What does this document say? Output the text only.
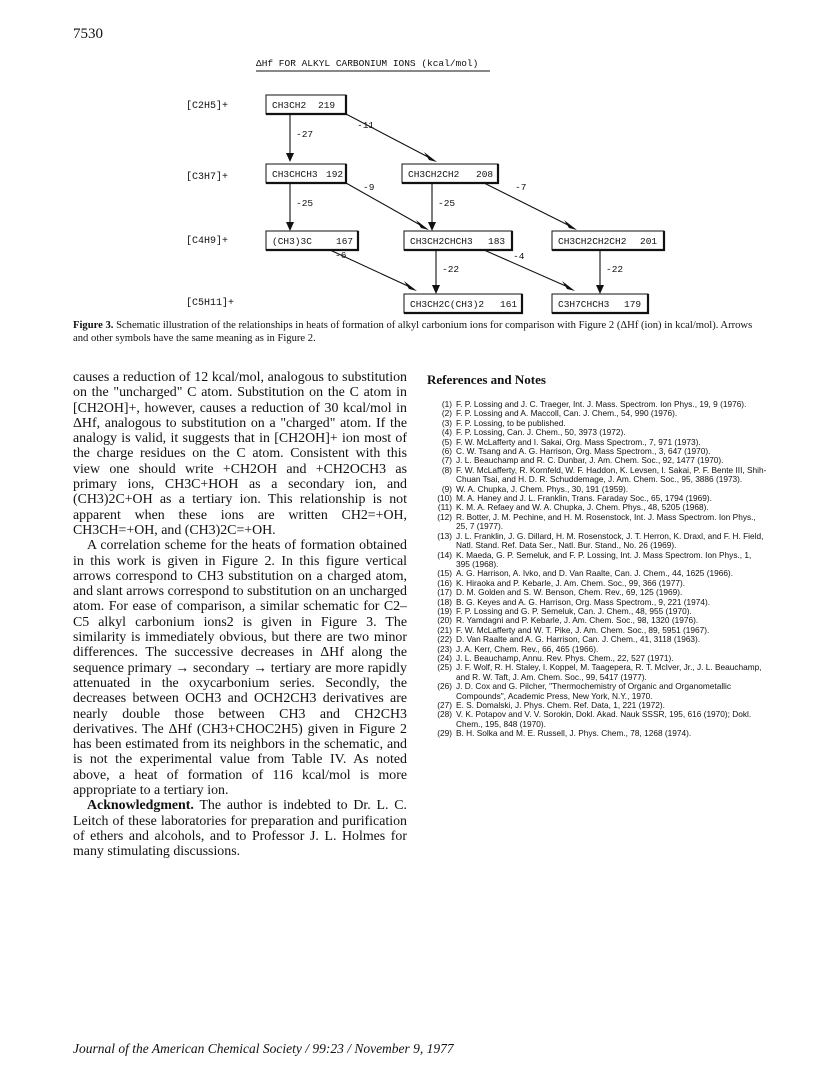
7530
ΔHf FOR ALKYL CARBONIUM IONS (kcal/mol)
[C2H5]+
[C3H7]+
[C4H9]+
[C5H11]+
-27
-11
-9	-7
-25	-25
-6	-4
-22	-22
CH3CH2 219
CH3CHCH3 192	CH3CH2CH2 208
(CH3)3C	167	CH3CH2CHCH3 183	CH3CH2CH2CH2 201
CH3CH2C(CH3)2 161	C3H7CHCH3 179
Figure 3. Schematic illustration of the relationships in heats of formation of alkyl carbonium ions for comparison with Figure 2 (ΔHf (ion) in kcal/mol). Arrows and other symbols have the same meaning as in Figure 2.

causes a reduction of 12 kcal/mol, analogous to substitution on the "uncharged" C atom. Substitution on the C atom in [CH2OH]+, however, causes a reduction of 30 kcal/mol in ΔHf, analogous to substitution on a "charged" atom. If the analogy is valid, it suggests that in [CH2OH]+ ion most of the charge residues on the C atom. Consistent with this view one should write +CH2OH and +CH2OCH3 as primary ions, CH3C+HOH as a secondary ion, and (CH3)2C+OH as a tertiary ion. This relationship is not apparent when these ions are written CH2=+OH, CH3CH=+OH, and (CH3)2C=+OH.

A correlation scheme for the heats of formation obtained in this work is given in Figure 2. In this figure vertical arrows correspond to CH3 substitution on a charged atom, and slant arrows correspond to substitution on an uncharged atom. For ease of comparison, a similar schematic for C2–C5 alkyl carbonium ions2 is given in Figure 3. The similarity is immediately obvious, but there are two minor differences. The successive decreases in ΔHf along the sequence primary → secondary → tertiary are more rapidly attenuated in the oxycarbonium series. Secondly, the decreases between OCH3 and OCH2CH3 derivatives are nearly double those between CH3 and CH2CH3 derivatives. The ΔHf (CH3+CHOC2H5) given in Figure 2 has been estimated from its neighbors in the schematic, and is not the experimental value from Table IV. As noted above, a heat of formation of 116 kcal/mol is more appropriate to a tertiary ion.

Acknowledgment. The author is indebted to Dr. L. C. Leitch of these laboratories for preparation and purification of ethers and alcohols, and to Professor J. L. Holmes for many stimulating discussions.

References and Notes
(1) F. P. Lossing and J. C. Traeger, Int. J. Mass. Spectrom. Ion Phys., 19, 9 (1976).
(2) F. P. Lossing and A. Maccoll, Can. J. Chem., 54, 990 (1976).
(3) F. P. Lossing, to be published.
(4) F. P. Lossing, Can. J. Chem., 50, 3973 (1972).
(5) F. W. McLafferty and I. Sakai, Org. Mass Spectrom., 7, 971 (1973).
(6) C. W. Tsang and A. G. Harrison, Org. Mass Spectrom., 3, 647 (1970).
(7) J. L. Beauchamp and R. C. Dunbar, J. Am. Chem. Soc., 92, 1477 (1970).
(8) F. W. McLafferty, R. Kornfeld, W. F. Haddon, K. Levsen, I. Sakai, P. F. Bente III, Shih-Chuan Tsai, and H. D. R. Schuddemage, J. Am. Chem. Soc., 95, 3886 (1973).
(9) W. A. Chupka, J. Chem. Phys., 30, 191 (1959).
(10) M. A. Haney and J. L. Franklin, Trans. Faraday Soc., 65, 1794 (1969).
(11) K. M. A. Refaey and W. A. Chupka, J. Chem. Phys., 48, 5205 (1968).
(12) R. Botter, J. M. Pechine, and H. M. Rosenstock, Int. J. Mass Spectrom. Ion Phys., 25, 7 (1977).
(13) J. L. Franklin, J. G. Dillard, H. M. Rosenstock, J. T. Herron, K. Draxl, and F. H. Field, Natl. Stand. Ref. Data Ser., Natl. Bur. Stand., No. 26 (1969).
(14) K. Maeda, G. P. Semeluk, and F. P. Lossing, Int. J. Mass Spectrom. Ion Phys., 1, 395 (1968).
(15) A. G. Harrison, A. Ivko, and D. Van Raalte, Can. J. Chem., 44, 1625 (1966).
(16) K. Hiraoka and P. Kebarle, J. Am. Chem. Soc., 99, 366 (1977).
(17) D. M. Golden and S. W. Benson, Chem. Rev., 69, 125 (1969).
(18) B. G. Keyes and A. G. Harrison, Org. Mass Spectrom., 9, 221 (1974).
(19) F. P. Lossing and G. P. Semeluk, Can. J. Chem., 48, 955 (1970).
(20) R. Yamdagni and P. Kebarle, J. Am. Chem. Soc., 98, 1320 (1976).
(21) F. W. McLafferty and W. T. Pike, J. Am. Chem. Soc., 89, 5951 (1967).
(22) D. Van Raalte and A. G. Harrison, Can. J. Chem., 41, 3118 (1963).
(23) J. A. Kerr, Chem. Rev., 66, 465 (1966).
(24) J. L. Beauchamp, Annu. Rev. Phys. Chem., 22, 527 (1971).
(25) J. F. Wolf, R. H. Staley, I. Koppel, M. Taagepera, R. T. McIver, Jr., J. L. Beauchamp, and R. W. Taft, J. Am. Chem. Soc., 99, 5417 (1977).
(26) J. D. Cox and G. Pilcher, "Thermochemistry of Organic and Organometallic Compounds", Academic Press, New York, N.Y., 1970.
(27) E. S. Domalski, J. Phys. Chem. Ref. Data, 1, 221 (1972).
(28) V. K. Potapov and V. V. Sorokin, Dokl. Akad. Nauk SSSR, 195, 616 (1970); Dokl. Chem., 195, 848 (1970).
(29) B. H. Solka and M. E. Russell, J. Phys. Chem., 78, 1268 (1974).
Journal of the American Chemical Society / 99:23 / November 9, 1977
